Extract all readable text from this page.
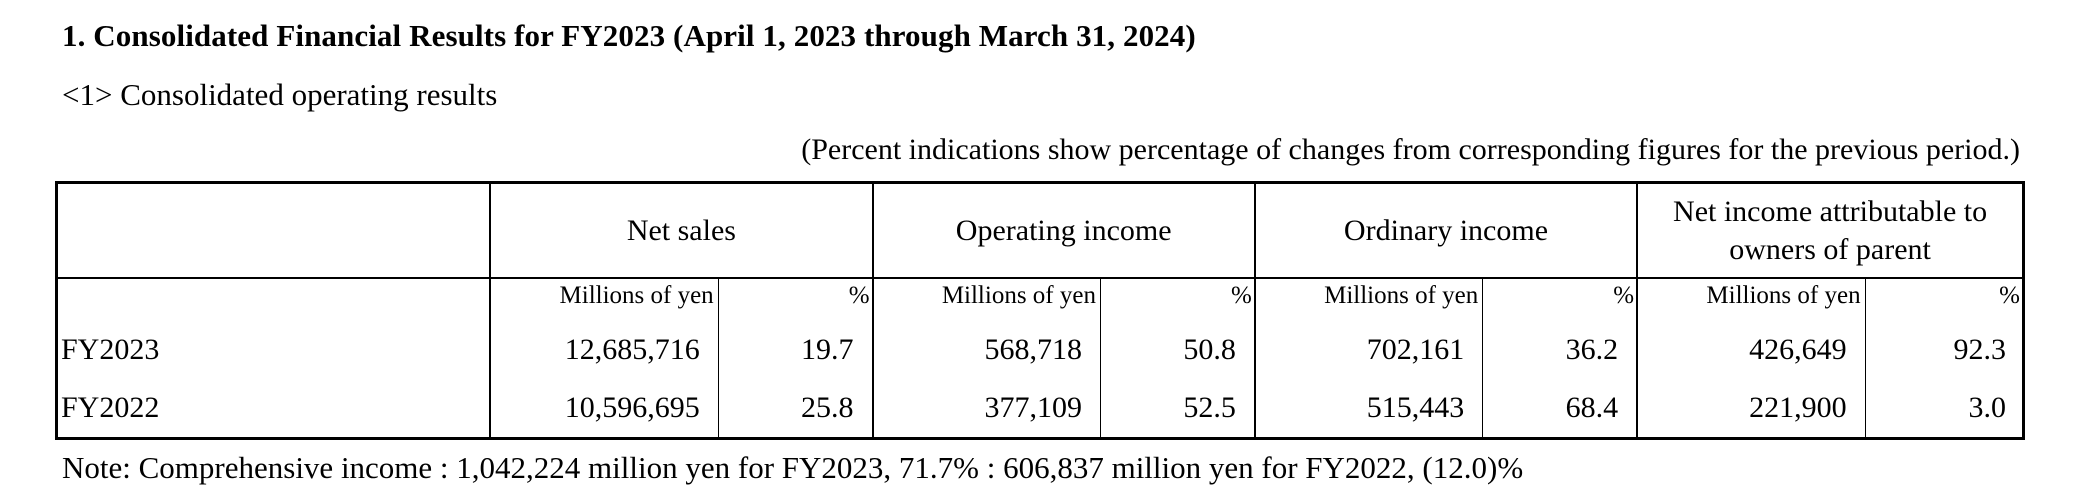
1. Consolidated Financial Results for FY2023 (April 1, 2023 through March 31, 2024)
<1> Consolidated operating results
(Percent indications show percentage of changes from corresponding figures for the previous period.)
	Net sales		Operating income		Ordinary income		Net income attributable to
owners of parent	
	Millions of yen	%	Millions of yen	%	Millions of yen	%	Millions of yen	%
FY2023	12,685,716	19.7	568,718	50.8	702,161	36.2	426,649	92.3
FY2022	10,596,695	25.8	377,109	52.5	515,443	68.4	221,900	3.0
Note: Comprehensive income : 1,042,224 million yen for FY2023, 71.7% : 606,837 million yen for FY2022, (12.0)%
